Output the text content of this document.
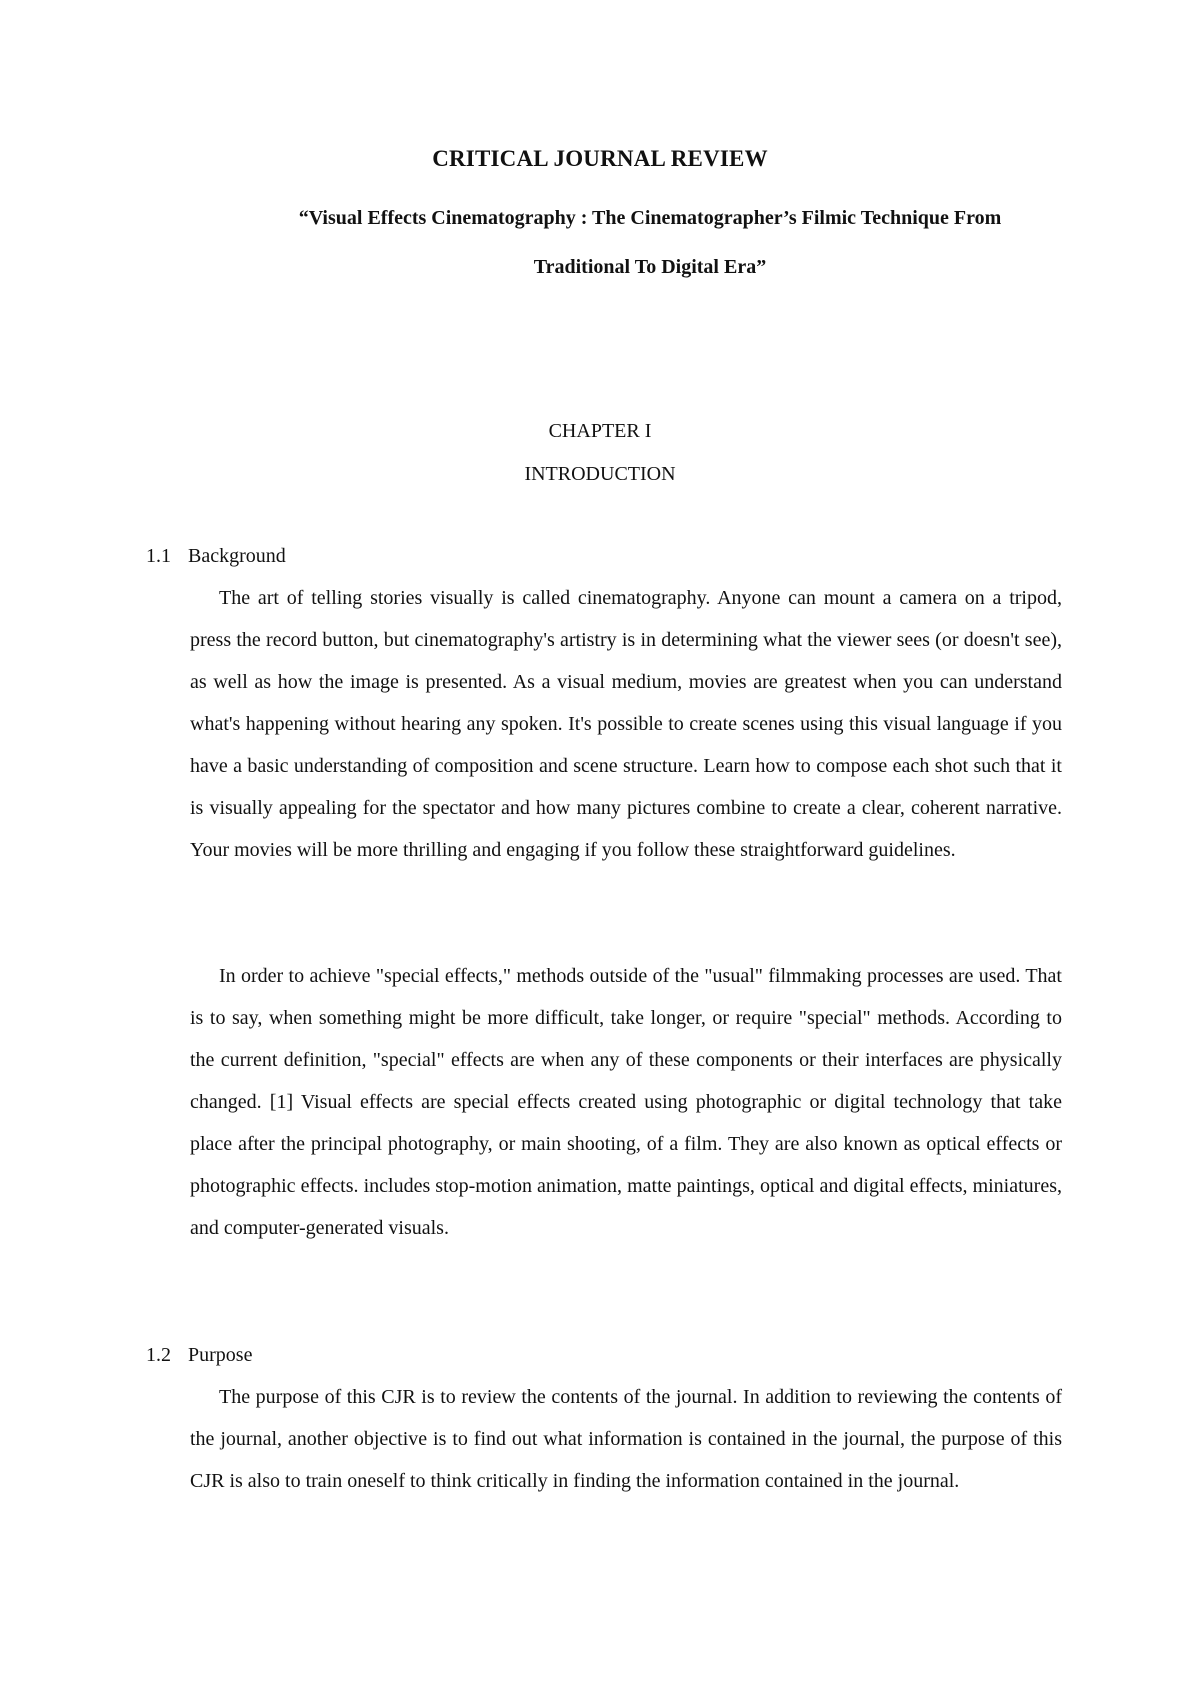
CRITICAL JOURNAL REVIEW
“Visual Effects Cinematography : The Cinematographer’s Filmic Technique From Traditional To Digital Era”
CHAPTER I
INTRODUCTION
1.1 Background

The art of telling stories visually is called cinematography. Anyone can mount a camera on a tripod, press the record button, but cinematography's artistry is in determining what the viewer sees (or doesn't see), as well as how the image is presented. As a visual medium, movies are greatest when you can understand what's happening without hearing any spoken. It's possible to create scenes using this visual language if you have a basic understanding of composition and scene structure. Learn how to compose each shot such that it is visually appealing for the spectator and how many pictures combine to create a clear, coherent narrative. Your movies will be more thrilling and engaging if you follow these straightforward guidelines.

In order to achieve "special effects," methods outside of the "usual" filmmaking processes are used. That is to say, when something might be more difficult, take longer, or require "special" methods. According to the current definition, "special" effects are when any of these components or their interfaces are physically changed. [1] Visual effects are special effects created using photographic or digital technology that take place after the principal photography, or main shooting, of a film. They are also known as optical effects or photographic effects. includes stop-motion animation, matte paintings, optical and digital effects, miniatures, and computer-generated visuals.

1.2 Purpose

The purpose of this CJR is to review the contents of the journal. In addition to reviewing the contents of the journal, another objective is to find out what information is contained in the journal, the purpose of this CJR is also to train oneself to think critically in finding the information contained in the journal.
